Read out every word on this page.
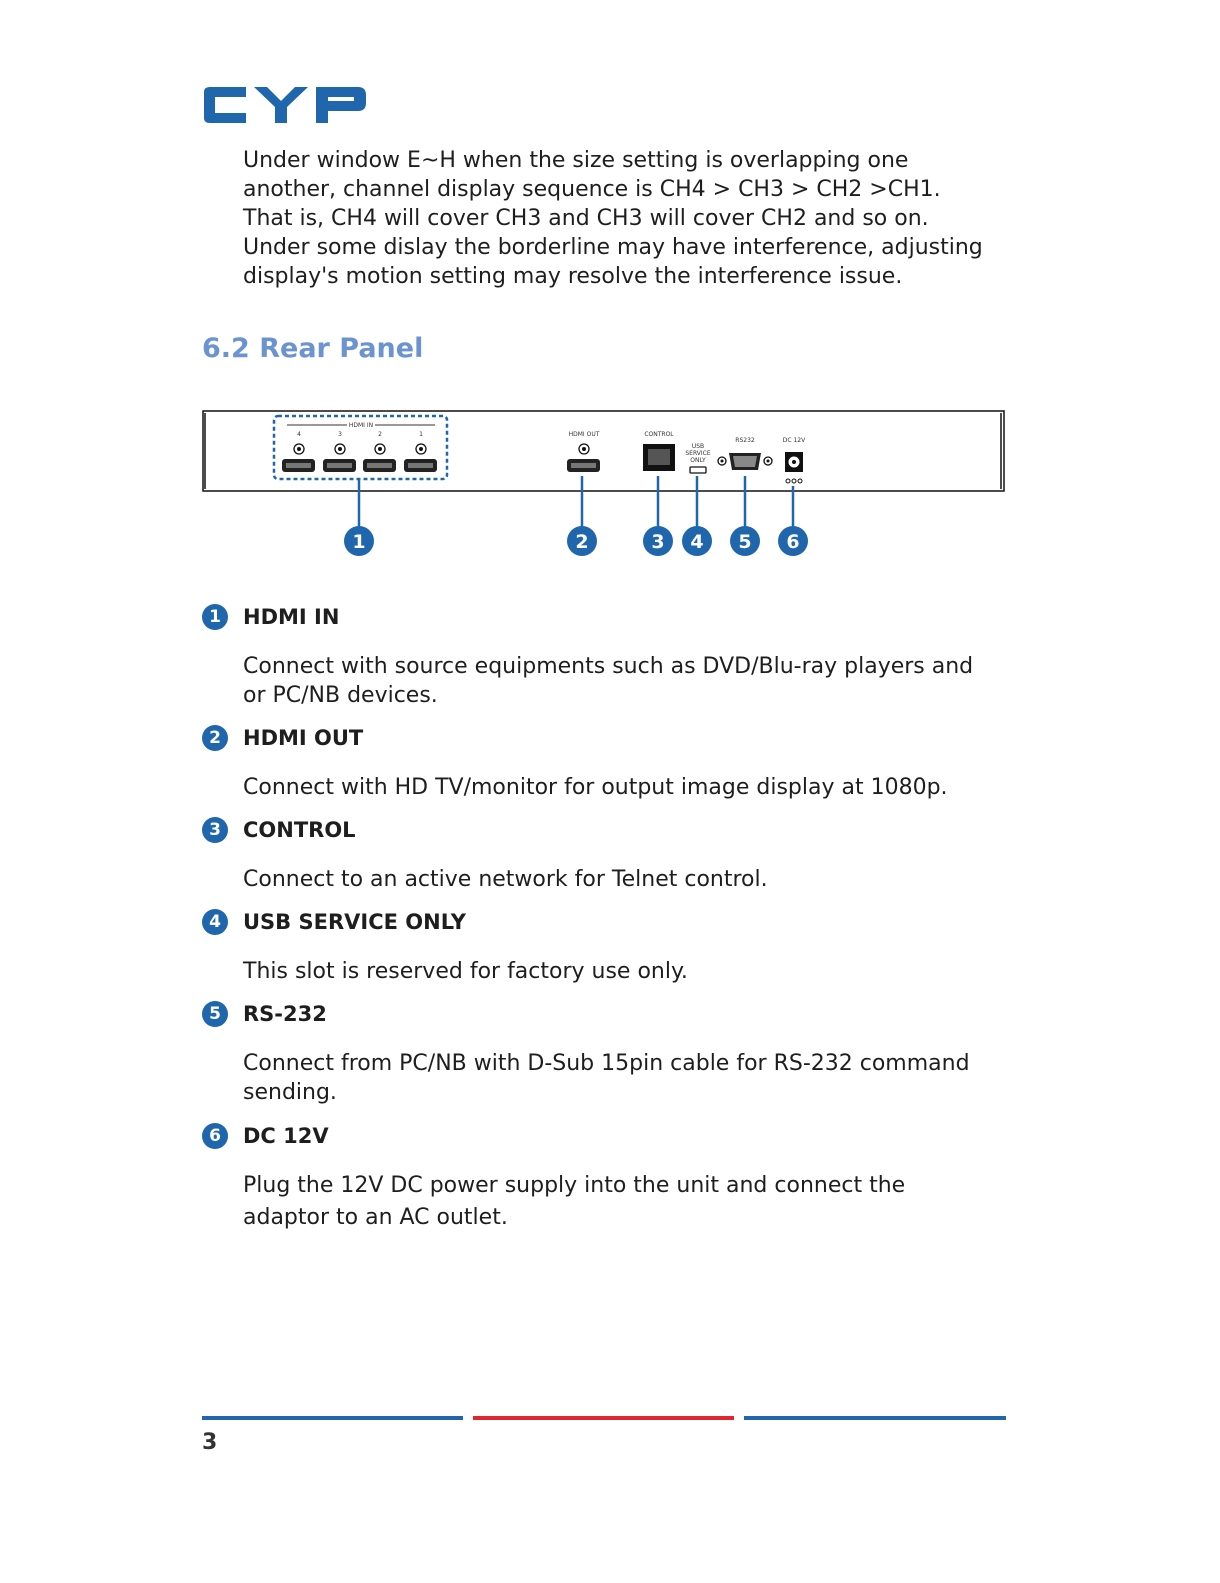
Under window E~H when the size setting is overlapping one
another, channel display sequence is CH4 > CH3 > CH2 >CH1.
That is, CH4 will cover CH3 and CH3 will cover CH2 and so on.
Under some dislay the borderline may have interference, adjusting
display's motion setting may resolve the interference issue.
6.2 Rear Panel
HDMI IN
4	3	2	1	HDMI OUT	CONTROL
USB
SERVICE
ONLY
RS232	DC 12V
1	2	3 4 5 6
1	HDMI IN
Connect with source equipments such as DVD/Blu-ray players and
or PC/NB devices.
2	HDMI OUT
Connect with HD TV/monitor for output image display at 1080p.
3	CONTROL
Connect to an active network for Telnet control.
4	USB SERVICE ONLY
This slot is reserved for factory use only.
5	RS-232
Connect from PC/NB with D-Sub 15pin cable for RS-232 command
sending.
6	DC 12V
Plug the 12V DC power supply into the unit and connect the
adaptor to an AC outlet.
3
